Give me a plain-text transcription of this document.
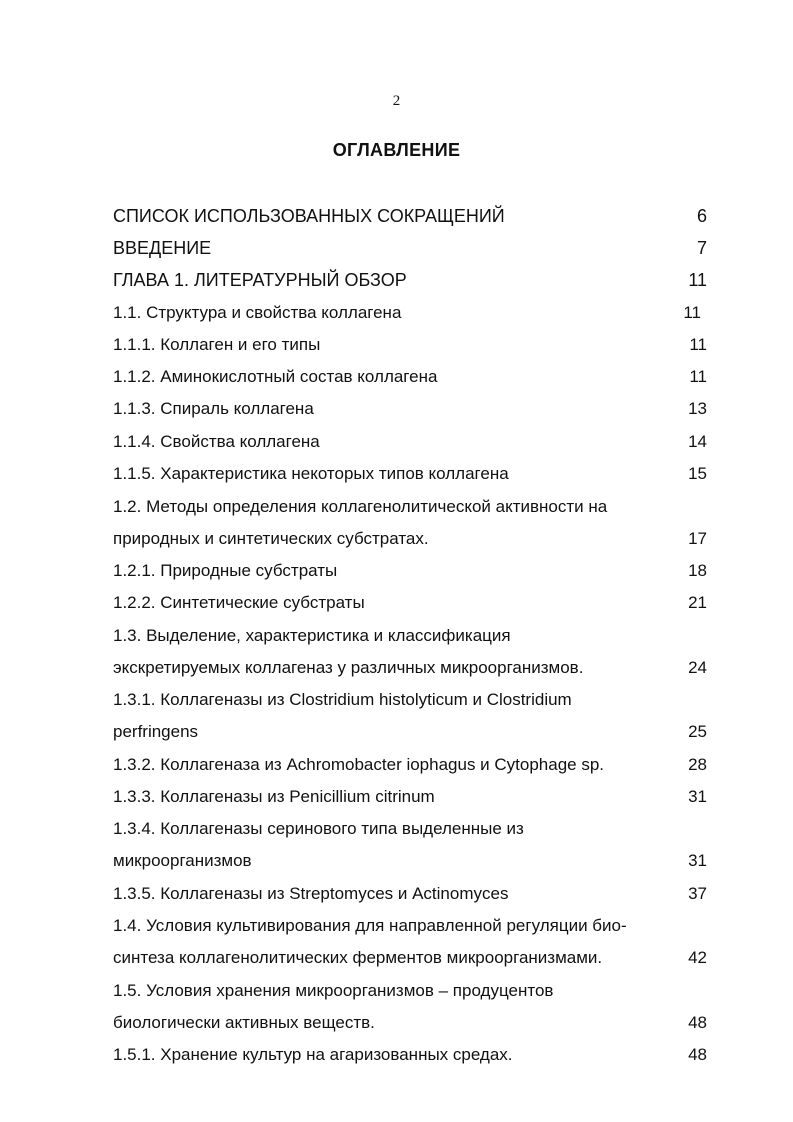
2
ОГЛАВЛЕНИЕ
СПИСОК ИСПОЛЬЗОВАННЫХ СОКРАЩЕНИЙ	6
ВВЕДЕНИЕ	7
ГЛАВА 1. ЛИТЕРАТУРНЫЙ ОБЗОР	11
1.1. Структура и свойства коллагена	11
1.1.1. Коллаген и его типы	11
1.1.2. Аминокислотный состав коллагена	11
1.1.3. Спираль коллагена	13
1.1.4. Свойства коллагена	14
1.1.5. Характеристика некоторых типов коллагена	15
1.2. Методы определения коллагенолитической активности на
природных и синтетических субстратах.	17
1.2.1. Природные субстраты	18
1.2.2. Синтетические субстраты	21
1.3. Выделение, характеристика и классификация
экскретируемых коллагеназ у различных микроорганизмов.	24
1.3.1. Коллагеназы из Clostridium histolyticum и Clostridium
perfringens	25
1.3.2. Коллагеназа из Achromobacter iophagus и Cytophage sp.	28
1.3.3. Коллагеназы из Penicillium citrinum	31
1.3.4. Коллагеназы серинового типа выделенные из
микроорганизмов	31
1.3.5. Коллагеназы из Streptomyces и Actinomyces	37
1.4. Условия культивирования для направленной регуляции био-
синтеза коллагенолитических ферментов микроорганизмами.	42
1.5. Условия хранения микроорганизмов – продуцентов
биологически активных веществ.	48
1.5.1. Хранение культур на агаризованных средах.	48
